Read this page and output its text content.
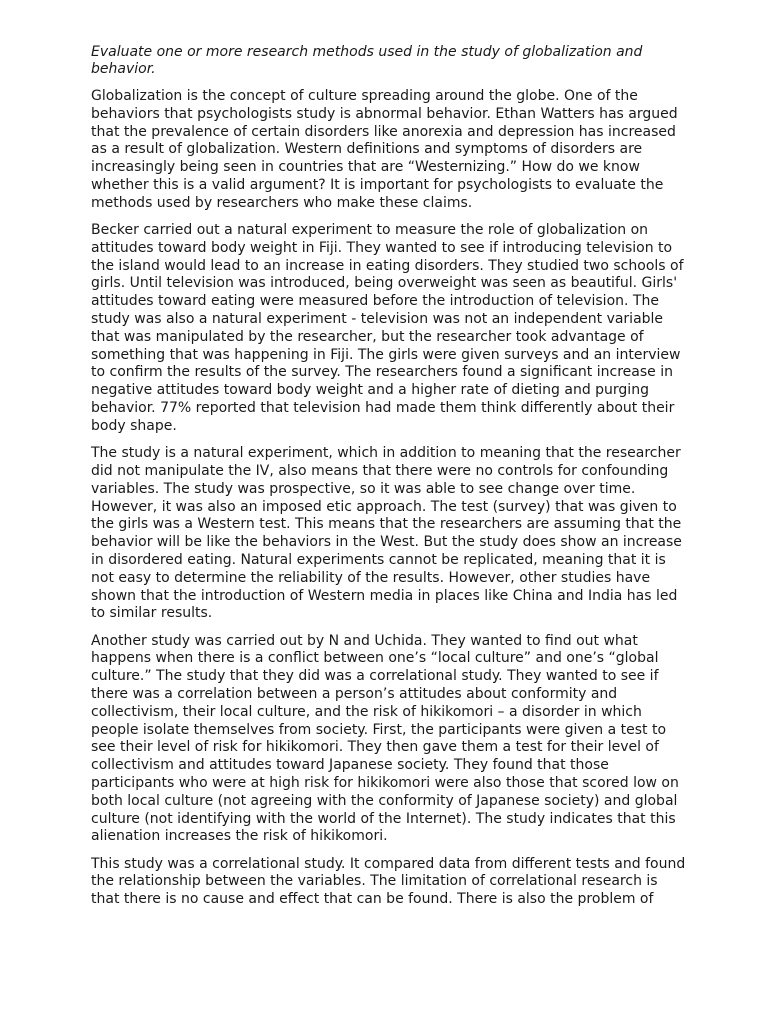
Evaluate one or more research methods used in the study of globalization and behavior.

Globalization is the concept of culture spreading around the globe. One of the behaviors that psychologists study is abnormal behavior. Ethan Watters has argued that the prevalence of certain disorders like anorexia and depression has increased as a result of globalization. Western definitions and symptoms of disorders are increasingly being seen in countries that are “Westernizing.” How do we know whether this is a valid argument? It is important for psychologists to evaluate the methods used by researchers who make these claims.

Becker carried out a natural experiment to measure the role of globalization on attitudes toward body weight in Fiji. They wanted to see if introducing television to the island would lead to an increase in eating disorders. They studied two schools of girls. Until television was introduced, being overweight was seen as beautiful. Girls' attitudes toward eating were measured before the introduction of television. The study was also a natural experiment - television was not an independent variable that was manipulated by the researcher, but the researcher took advantage of something that was happening in Fiji. The girls were given surveys and an interview to confirm the results of the survey. The researchers found a significant increase in negative attitudes toward body weight and a higher rate of dieting and purging behavior. 77% reported that television had made them think differently about their body shape.

The study is a natural experiment, which in addition to meaning that the researcher did not manipulate the IV, also means that there were no controls for confounding variables. The study was prospective, so it was able to see change over time. However, it was also an imposed etic approach. The test (survey) that was given to the girls was a Western test. This means that the researchers are assuming that the behavior will be like the behaviors in the West. But the study does show an increase in disordered eating. Natural experiments cannot be replicated, meaning that it is not easy to determine the reliability of the results. However, other studies have shown that the introduction of Western media in places like China and India has led to similar results.

Another study was carried out by N and Uchida. They wanted to find out what happens when there is a conflict between one’s “local culture” and one’s “global culture.” The study that they did was a correlational study. They wanted to see if there was a correlation between a person’s attitudes about conformity and collectivism, their local culture, and the risk of hikikomori – a disorder in which people isolate themselves from society. First, the participants were given a test to see their level of risk for hikikomori. They then gave them a test for their level of collectivism and attitudes toward Japanese society. They found that those participants who were at high risk for hikikomori were also those that scored low on both local culture (not agreeing with the conformity of Japanese society) and global culture (not identifying with the world of the Internet). The study indicates that this alienation increases the risk of hikikomori.

This study was a correlational study. It compared data from different tests and found the relationship between the variables. The limitation of correlational research is that there is no cause and effect that can be found. There is also the problem of
